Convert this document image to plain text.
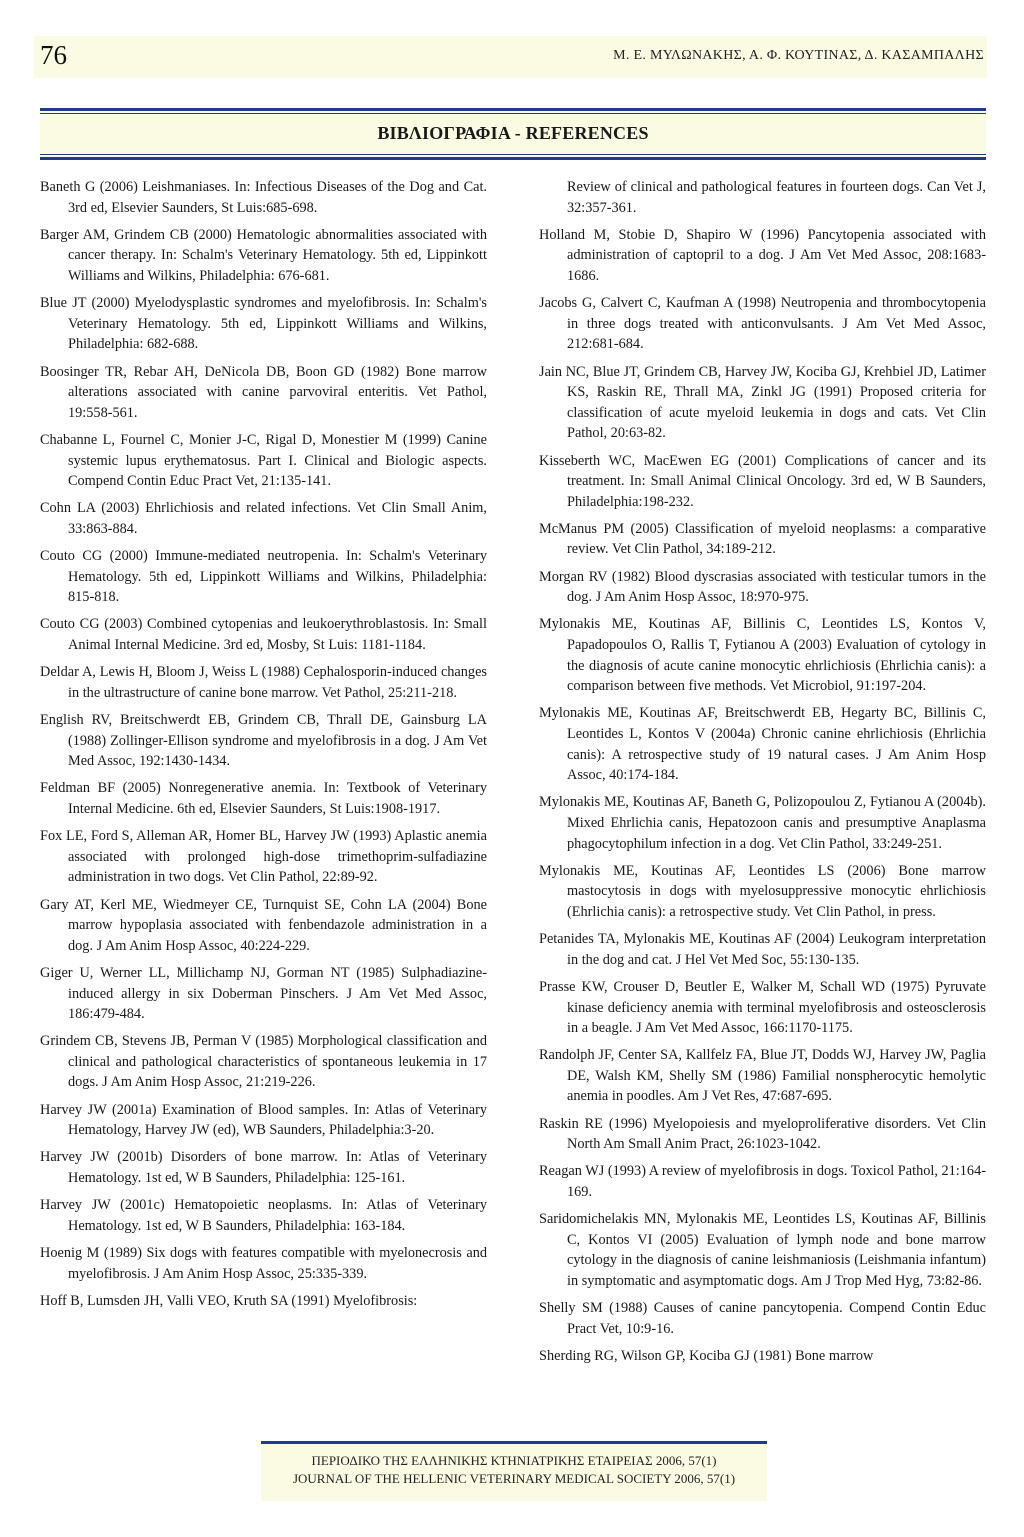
76	Μ. Ε. ΜΥΛΩΝΑΚΗΣ, Α. Φ. ΚΟΥΤΙΝΑΣ, Δ. ΚΑΣΑΜΠΑΛΗΣ
ΒΙΒΛΙΟΓΡΑΦΙΑ - REFERENCES

Baneth G (2006) Leishmaniases. In: Infectious Diseases of the Dog and Cat. 3rd ed, Elsevier Saunders, St Luis:685-698.

Barger AM, Grindem CB (2000) Hematologic abnormalities associated with cancer therapy. In: Schalm's Veterinary Hematology. 5th ed, Lippinkott Williams and Wilkins, Philadelphia: 676-681.

Blue JT (2000) Myelodysplastic syndromes and myelofibrosis. In: Schalm's Veterinary Hematology. 5th ed, Lippinkott Williams and Wilkins, Philadelphia: 682-688.

Boosinger TR, Rebar AH, DeNicola DB, Boon GD (1982) Bone marrow alterations associated with canine parvoviral enteritis. Vet Pathol, 19:558-561.

Chabanne L, Fournel C, Monier J-C, Rigal D, Monestier M (1999) Canine systemic lupus erythematosus. Part I. Clinical and Biologic aspects. Compend Contin Educ Pract Vet, 21:135-141.

Cohn LA (2003) Ehrlichiosis and related infections. Vet Clin Small Anim, 33:863-884.

Couto CG (2000) Immune-mediated neutropenia. In: Schalm's Veterinary Hematology. 5th ed, Lippinkott Williams and Wilkins, Philadelphia: 815-818.

Couto CG (2003) Combined cytopenias and leukoerythroblastosis. In: Small Animal Internal Medicine. 3rd ed, Mosby, St Luis: 1181-1184.

Deldar A, Lewis H, Bloom J, Weiss L (1988) Cephalosporin-induced changes in the ultrastructure of canine bone marrow. Vet Pathol, 25:211-218.

English RV, Breitschwerdt EB, Grindem CB, Thrall DE, Gainsburg LA (1988) Zollinger-Ellison syndrome and myelofibrosis in a dog. J Am Vet Med Assoc, 192:1430-1434.

Feldman BF (2005) Nonregenerative anemia. In: Textbook of Veterinary Internal Medicine. 6th ed, Elsevier Saunders, St Luis:1908-1917.

Fox LE, Ford S, Alleman AR, Homer BL, Harvey JW (1993) Aplastic anemia associated with prolonged high-dose trimethoprim-sulfadiazine administration in two dogs. Vet Clin Pathol, 22:89-92.

Gary AT, Kerl ME, Wiedmeyer CE, Turnquist SE, Cohn LA (2004) Bone marrow hypoplasia associated with fenbendazole administration in a dog. J Am Anim Hosp Assoc, 40:224-229.

Giger U, Werner LL, Millichamp NJ, Gorman NT (1985) Sulphadiazine-induced allergy in six Doberman Pinschers. J Am Vet Med Assoc, 186:479-484.

Grindem CB, Stevens JB, Perman V (1985) Morphological classification and clinical and pathological characteristics of spontaneous leukemia in 17 dogs. J Am Anim Hosp Assoc, 21:219-226.

Harvey JW (2001a) Examination of Blood samples. In: Atlas of Veterinary Hematology, Harvey JW (ed), WB Saunders, Philadelphia:3-20.

Harvey JW (2001b) Disorders of bone marrow. In: Atlas of Veterinary Hematology. 1st ed, W B Saunders, Philadelphia: 125-161.

Harvey JW (2001c) Hematopoietic neoplasms. In: Atlas of Veterinary Hematology. 1st ed, W B Saunders, Philadelphia: 163-184.

Hoenig M (1989) Six dogs with features compatible with myelonecrosis and myelofibrosis. J Am Anim Hosp Assoc, 25:335-339.

Hoff B, Lumsden JH, Valli VEO, Kruth SA (1991) Myelofibrosis:

Review of clinical and pathological features in fourteen dogs. Can Vet J, 32:357-361.

Holland M, Stobie D, Shapiro W (1996) Pancytopenia associated with administration of captopril to a dog. J Am Vet Med Assoc, 208:1683-1686.

Jacobs G, Calvert C, Kaufman A (1998) Neutropenia and thrombocytopenia in three dogs treated with anticonvulsants. J Am Vet Med Assoc, 212:681-684.

Jain NC, Blue JT, Grindem CB, Harvey JW, Kociba GJ, Krehbiel JD, Latimer KS, Raskin RE, Thrall MA, Zinkl JG (1991) Proposed criteria for classification of acute myeloid leukemia in dogs and cats. Vet Clin Pathol, 20:63-82.

Kisseberth WC, MacEwen EG (2001) Complications of cancer and its treatment. In: Small Animal Clinical Oncology. 3rd ed, W B Saunders, Philadelphia:198-232.

McManus PM (2005) Classification of myeloid neoplasms: a comparative review. Vet Clin Pathol, 34:189-212.

Morgan RV (1982) Blood dyscrasias associated with testicular tumors in the dog. J Am Anim Hosp Assoc, 18:970-975.

Mylonakis ME, Koutinas AF, Billinis C, Leontides LS, Kontos V, Papadopoulos O, Rallis T, Fytianou A (2003) Evaluation of cytology in the diagnosis of acute canine monocytic ehrlichiosis (Ehrlichia canis): a comparison between five methods. Vet Microbiol, 91:197-204.

Mylonakis ME, Koutinas AF, Breitschwerdt EB, Hegarty BC, Billinis C, Leontides L, Kontos V (2004a) Chronic canine ehrlichiosis (Ehrlichia canis): A retrospective study of 19 natural cases. J Am Anim Hosp Assoc, 40:174-184.

Mylonakis ME, Koutinas AF, Baneth G, Polizopoulou Z, Fytianou A (2004b). Mixed Ehrlichia canis, Hepatozoon canis and presumptive Anaplasma phagocytophilum infection in a dog. Vet Clin Pathol, 33:249-251.

Mylonakis ME, Koutinas AF, Leontides LS (2006) Bone marrow mastocytosis in dogs with myelosuppressive monocytic ehrlichiosis (Ehrlichia canis): a retrospective study. Vet Clin Pathol, in press.

Petanides TA, Mylonakis ME, Koutinas AF (2004) Leukogram interpretation in the dog and cat. J Hel Vet Med Soc, 55:130-135.

Prasse KW, Crouser D, Beutler E, Walker M, Schall WD (1975) Pyruvate kinase deficiency anemia with terminal myelofibrosis and osteosclerosis in a beagle. J Am Vet Med Assoc, 166:1170-1175.

Randolph JF, Center SA, Kallfelz FA, Blue JT, Dodds WJ, Harvey JW, Paglia DE, Walsh KM, Shelly SM (1986) Familial nonspherocytic hemolytic anemia in poodles. Am J Vet Res, 47:687-695.

Raskin RE (1996) Myelopoiesis and myeloproliferative disorders. Vet Clin North Am Small Anim Pract, 26:1023-1042.

Reagan WJ (1993) A review of myelofibrosis in dogs. Toxicol Pathol, 21:164-169.

Saridomichelakis MN, Mylonakis ME, Leontides LS, Koutinas AF, Billinis C, Kontos VI (2005) Evaluation of lymph node and bone marrow cytology in the diagnosis of canine leishmaniosis (Leishmania infantum) in symptomatic and asymptomatic dogs. Am J Trop Med Hyg, 73:82-86.

Shelly SM (1988) Causes of canine pancytopenia. Compend Contin Educ Pract Vet, 10:9-16.

Sherding RG, Wilson GP, Kociba GJ (1981) Bone marrow

ΠΕΡΙΟΔΙΚΟ ΤΗΣ ΕΛΛΗΝΙΚΗΣ ΚΤΗΝΙΑΤΡΙΚΗΣ ΕΤΑΙΡΕΙΑΣ 2006, 57(1)
JOURNAL OF THE HELLENIC VETERINARY MEDICAL SOCIETY 2006, 57(1)
